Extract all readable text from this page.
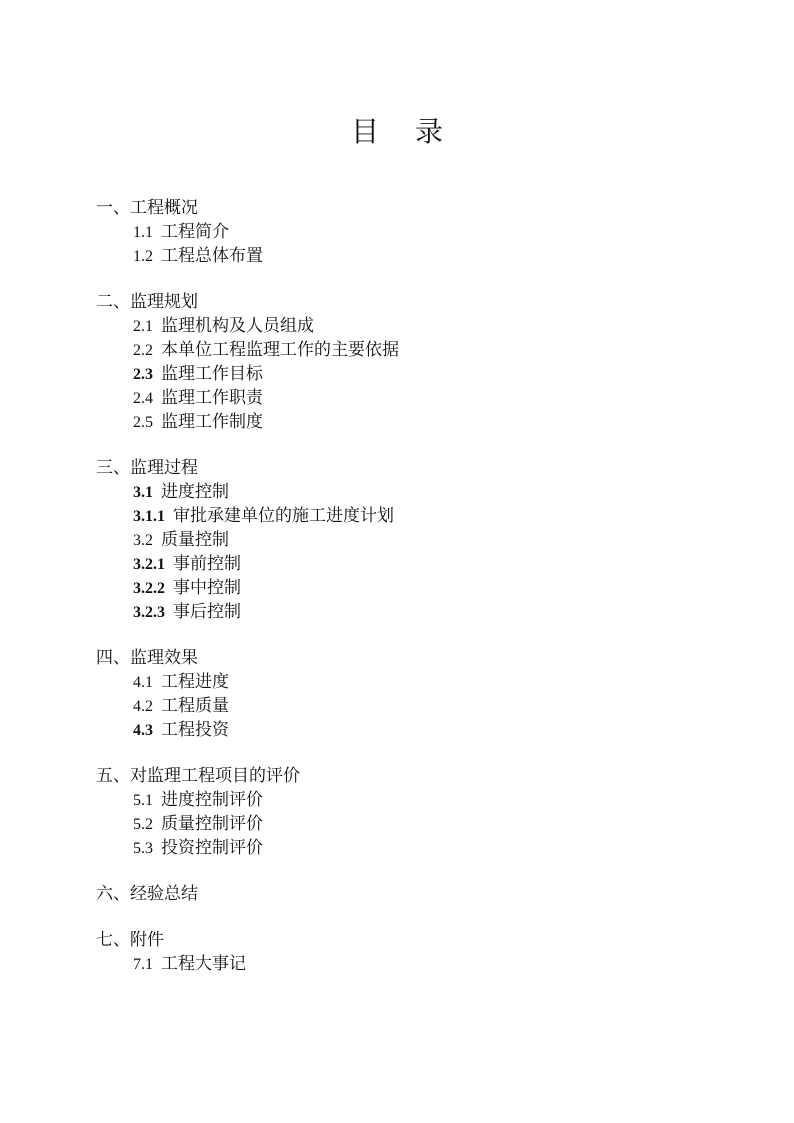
目 录
一、工程概况
1.1 工程简介
1.2 工程总体布置
二、监理规划
2.1 监理机构及人员组成
2.2 本单位工程监理工作的主要依据
2.3 监理工作目标
2.4 监理工作职责
2.5 监理工作制度
三、监理过程
3.1 进度控制
3.1.1 审批承建单位的施工进度计划
3.2 质量控制
3.2.1 事前控制
3.2.2 事中控制
3.2.3 事后控制
四、监理效果
4.1 工程进度
4.2 工程质量
4.3 工程投资
五、对监理工程项目的评价
5.1 进度控制评价
5.2 质量控制评价
5.3 投资控制评价
六、经验总结
七、附件
7.1 工程大事记
